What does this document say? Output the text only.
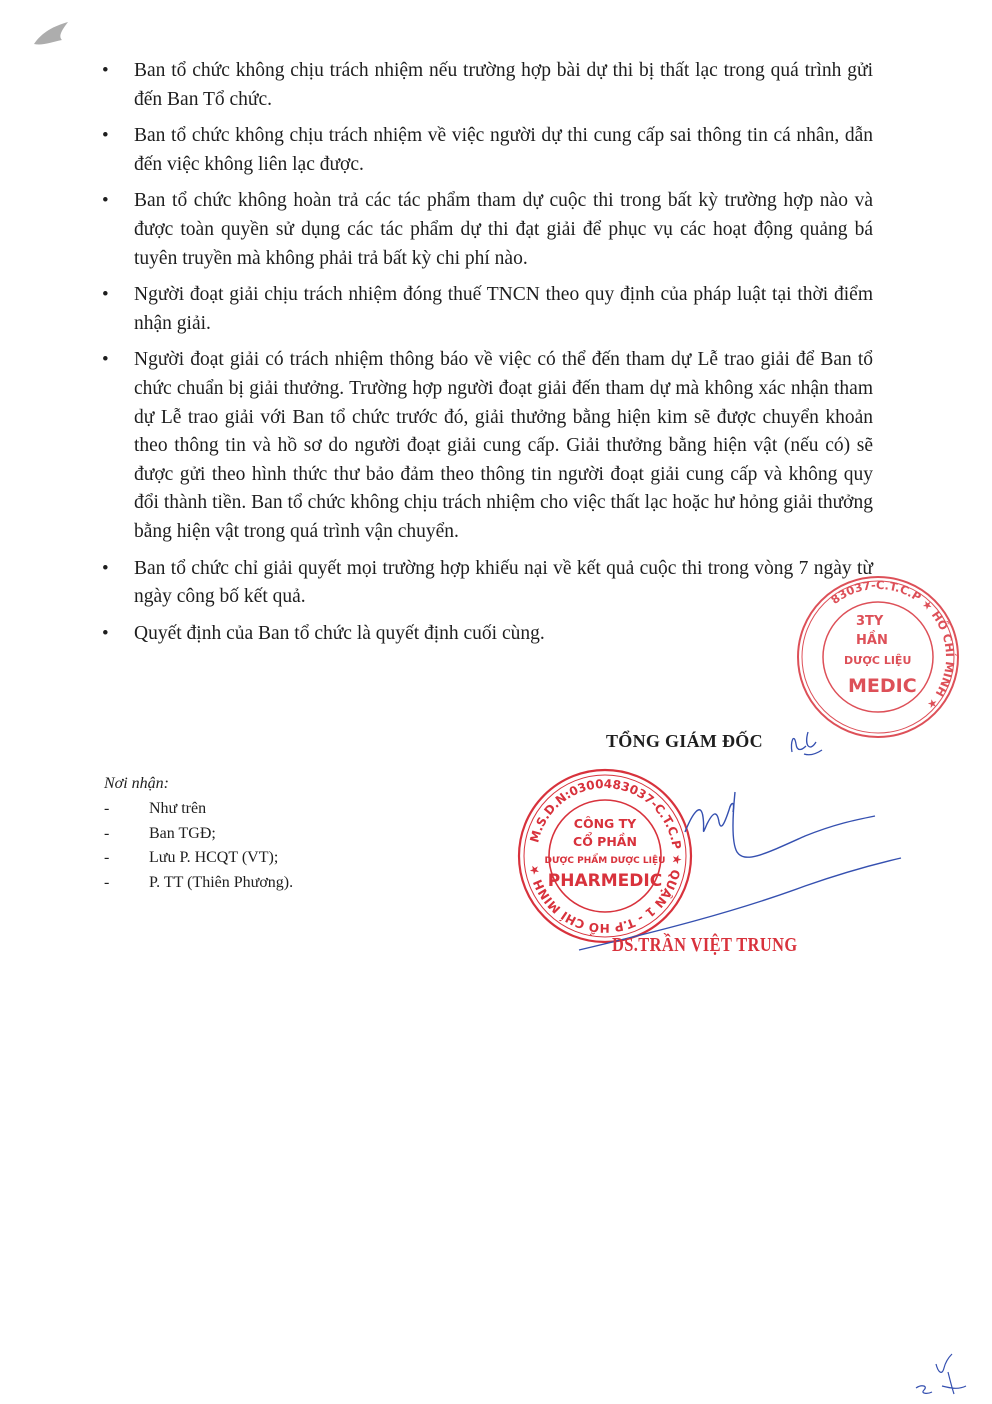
• Ban tổ chức không chịu trách nhiệm nếu trường hợp bài dự thi bị thất lạc trong quá trình gửi đến Ban Tổ chức.
• Ban tổ chức không chịu trách nhiệm về việc người dự thi cung cấp sai thông tin cá nhân, dẫn đến việc không liên lạc được.
• Ban tổ chức không hoàn trả các tác phẩm tham dự cuộc thi trong bất kỳ trường hợp nào và được toàn quyền sử dụng các tác phẩm dự thi đạt giải để phục vụ các hoạt động quảng bá tuyên truyền mà không phải trả bất kỳ chi phí nào.
• Người đoạt giải chịu trách nhiệm đóng thuế TNCN theo quy định của pháp luật tại thời điểm nhận giải.
• Người đoạt giải có trách nhiệm thông báo về việc có thể đến tham dự Lễ trao giải để Ban tổ chức chuẩn bị giải thưởng. Trường hợp người đoạt giải đến tham dự mà không xác nhận tham dự Lễ trao giải với Ban tổ chức trước đó, giải thưởng bằng hiện kim sẽ được chuyển khoản theo thông tin và hồ sơ do người đoạt giải cung cấp. Giải thưởng bằng hiện vật (nếu có) sẽ được gửi theo hình thức thư bảo đảm theo thông tin người đoạt giải cung cấp và không quy đổi thành tiền. Ban tổ chức không chịu trách nhiệm cho việc thất lạc hoặc hư hỏng giải thưởng bằng hiện vật trong quá trình vận chuyển.
• Ban tổ chức chỉ giải quyết mọi trường hợp khiếu nại về kết quả cuộc thi trong vòng 7 ngày từ ngày công bố kết quả.
• Quyết định của Ban tổ chức là quyết định cuối cùng.
83037-C.T.C.P ★ HỒ CHÍ MINH ★
3TY
HẦN
DƯỢC LIỆU
MEDIC
TỔNG GIÁM ĐỐC
M.S.D.N:0300483037-C.T.C.P ★ QUẬN 1 - T.P HỒ CHÍ MINH ★
CÔNG TY
CỔ PHẦN
DƯỢC PHẨM DƯỢC LIỆU
PHARMEDIC
DS.TRẦN VIỆT TRUNG
Nơi nhận:
- Như trên
- Ban TGĐ;
- Lưu P. HCQT (VT);
- P. TT (Thiên Phương).
